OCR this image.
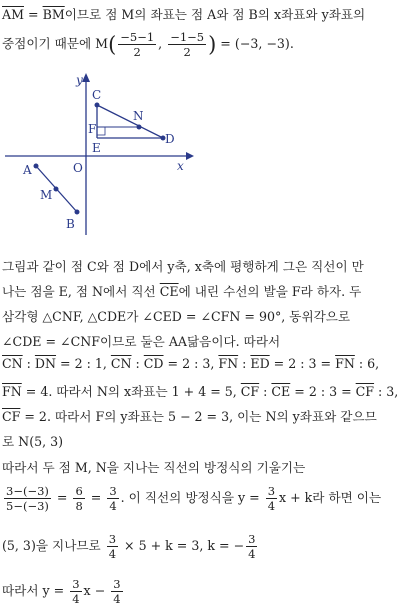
$\overline{AM} = \overline{BM}$이므로 점 M의 좌표는 점 A와 점 B의 x좌표와 y좌표의
중점이기 때문에 $M( \frac{-5-1}{2}$ , $\frac{-1-5}{2}$ ) = (−3, −3).
x
y
O
C
N
D
F
E
A
M
B
그림과 같이 점 C와 점 D에서 y축, x축에 평행하게 그은 직선이 만
나는 점을 E, 점 N에서 직선 $\overline{CE}$에 내린 수선의 발을 F라 하자. 두
삼각형 △CNF, △CDE가 ∠CED = ∠CFN = 90°, 동위각으로
∠CDE = ∠CNF이므로 둘은 AA닮음이다. 따라서
$\overline{CN}$ : $\overline{DN} = 2$ : 1, $\overline{CN}$ : $\overline{CD} = 2$ : 3, $\overline{FN}$ : $\overline{ED} = 2$ : $3 = \overline{FN}$ : 6,
$\overline{FN} = 4$. 따라서 N의 x좌표는 1 + 4 = 5, $\overline{CF}$ : $\overline{CE} = 2$ : $3 = \overline{CF}$ : 3,
$\overline{CF} = 2$. 따라서 F의 y좌표는 5 − 2 = 3, 이는 N의 y좌표와 같으므
로 N(5, 3)
따라서 두 점 M, N을 지나는 직선의 방정식의 기울기는
$\frac{3-(-3)}{5-(-3)} = \frac{6}{8} = \frac{3}{4}$ . 이 직선의 방정식을 $y = \frac{3}{4}$ x + k라 하면 이는
(5, 3)을 지나므로 $\frac{3}{4} \times 5 + k = 3$, k = − $\frac{3}{4}$
따라서 $y = \frac{3}{4}$ $x - \frac{3}{4}$
